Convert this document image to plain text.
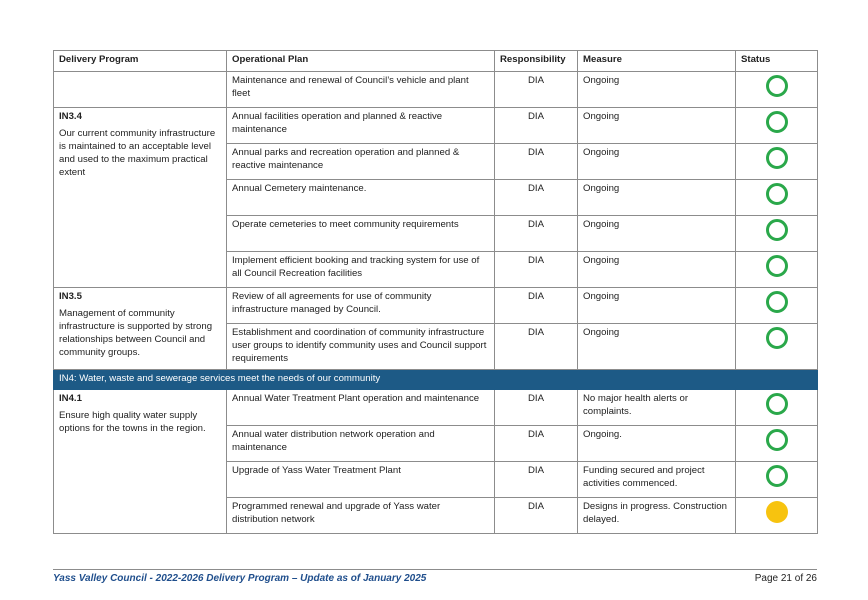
Delivery Program	Operational Plan	Responsibility	Measure	Status
	Maintenance and renewal of Council’s vehicle and plant fleet	DIA	Ongoing	

IN3.4
Our current community infrastructure is maintained to an acceptable level and used to the maximum practical extent	Annual facilities operation and planned & reactive maintenance	DIA	Ongoing	
	Annual parks and recreation operation and planned & reactive maintenance	DIA	Ongoing	
	Annual Cemetery maintenance.	DIA	Ongoing	
	Operate cemeteries to meet community requirements	DIA	Ongoing	
	Implement efficient booking and tracking system for use of all Council Recreation facilities	DIA	Ongoing	

IN3.5
Management of community infrastructure is supported by strong relationships between Council and community groups.	Review of all agreements for use of community infrastructure managed by Council.	DIA	Ongoing	
	Establishment and coordination of community infrastructure user groups to identify community uses and Council support requirements	DIA	Ongoing	
IN4: Water, waste and sewerage services meet the needs of our community				

IN4.1
Ensure high quality water supply options for the towns in the region.	Annual Water Treatment Plant operation and maintenance	DIA	No major health alerts or complaints.	
	Annual water distribution network operation and maintenance	DIA	Ongoing.	
	Upgrade of Yass Water Treatment Plant	DIA	Funding secured and project activities commenced.	
	Programmed renewal and upgrade of Yass water distribution network	DIA	Designs in progress. Construction delayed.	
Yass Valley Council - 2022-2026 Delivery Program – Update as of January 2025	Page 21 of 26
